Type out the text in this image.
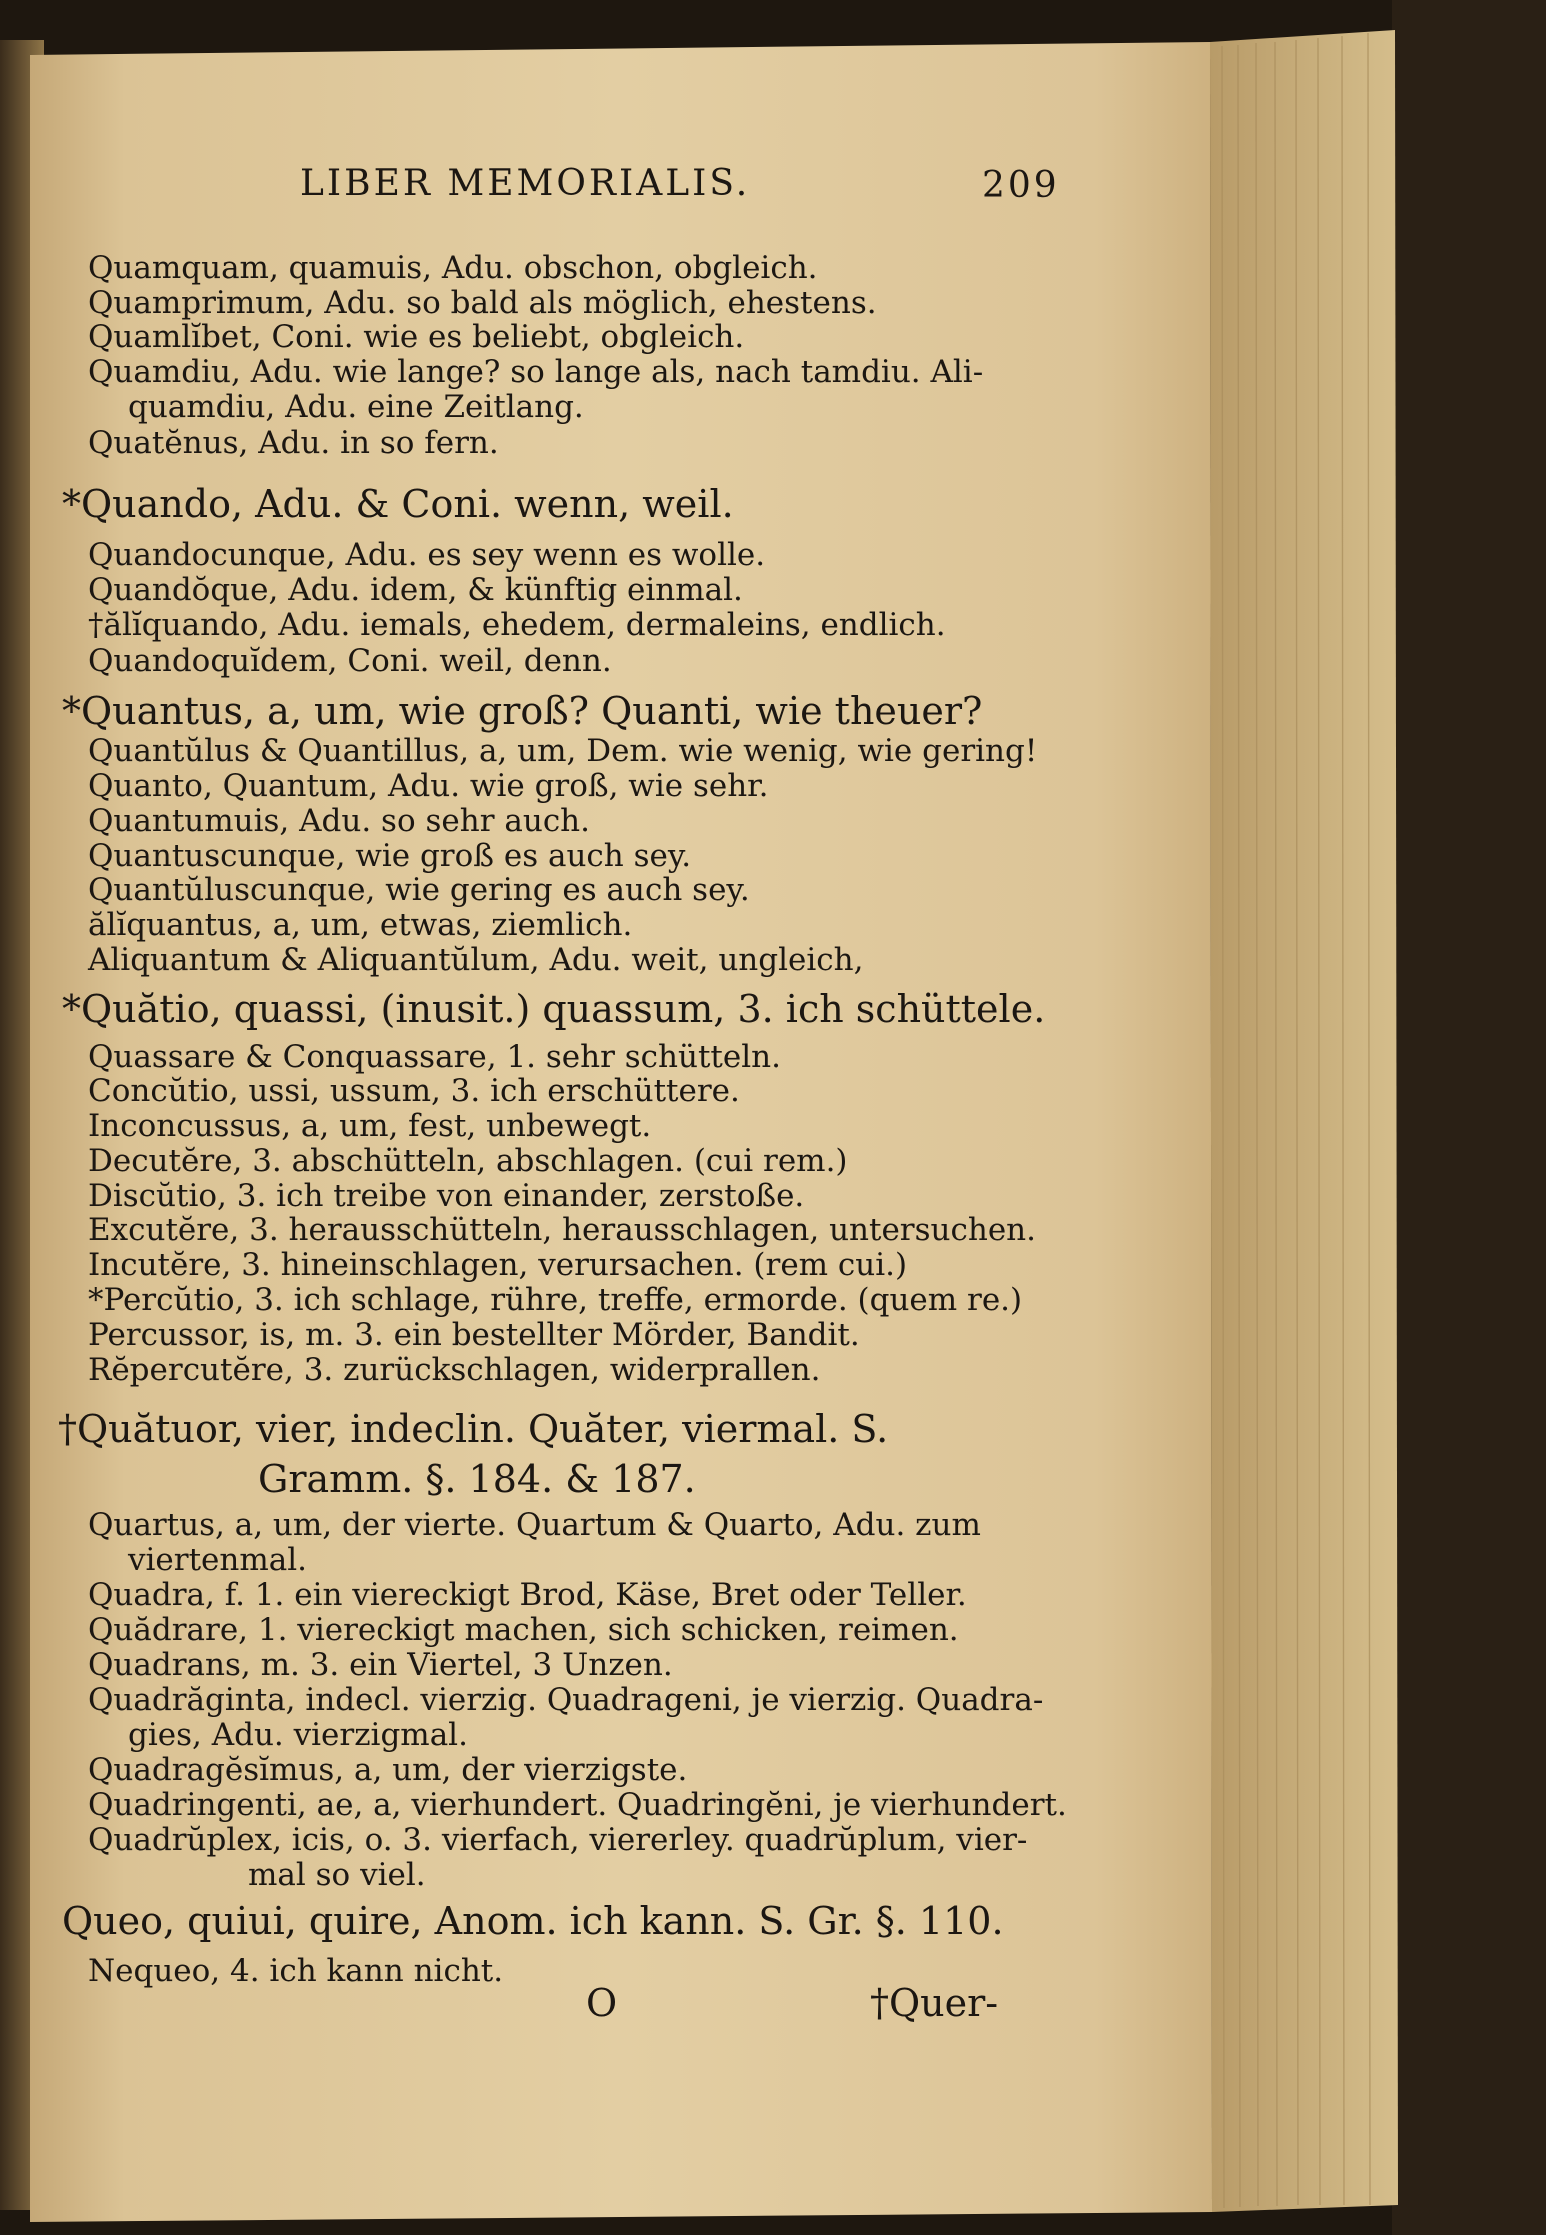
LIBER MEMORIALIS.	209
Quamquam, quamuis, Adu. obschon, obgleich.
Quamprimum, Adu. so bald als möglich, ehestens.
Quamlĭbet, Coni. wie es beliebt, obgleich.
Quamdiu, Adu. wie lange? so lange als, nach tamdiu. Ali-
quamdiu, Adu. eine Zeitlang.
Quatĕnus, Adu. in so fern.
*Quando, Adu. & Coni. wenn, weil.
Quandocunque, Adu. es sey wenn es wolle.
Quandŏque, Adu. idem, & künftig einmal.
†ălĭquando, Adu. iemals, ehedem, dermaleins, endlich.
Quandoquĭdem, Coni. weil, denn.
*Quantus, a, um, wie groß? Quanti, wie theuer?
Quantŭlus & Quantillus, a, um, Dem. wie wenig, wie gering!
Quanto, Quantum, Adu. wie groß, wie sehr.
Quantumuis, Adu. so sehr auch.
Quantuscunque, wie groß es auch sey.
Quantŭluscunque, wie gering es auch sey.
ălĭquantus, a, um, etwas, ziemlich.
Aliquantum & Aliquantŭlum, Adu. weit, ungleich,
*Quătio, quassi, (inusit.) quassum, 3. ich schüttele.
Quassare & Conquassare, 1. sehr schütteln.
Concŭtio, ussi, ussum, 3. ich erschüttere.
Inconcussus, a, um, fest, unbewegt.
Decutĕre, 3. abschütteln, abschlagen. (cui rem.)
Discŭtio, 3. ich treibe von einander, zerstoße.
Excutĕre, 3. herausschütteln, herausschlagen, untersuchen.
Incutĕre, 3. hineinschlagen, verursachen. (rem cui.)
*Percŭtio, 3. ich schlage, rühre, treffe, ermorde. (quem re.)
Percussor, is, m. 3. ein bestellter Mörder, Bandit.
Rĕpercutĕre, 3. zurückschlagen, widerprallen.
†Quătuor, vier, indeclin. Quăter, viermal. S.
Gramm. §. 184. & 187.
Quartus, a, um, der vierte. Quartum & Quarto, Adu. zum
viertenmal.
Quadra, f. 1. ein viereckigt Brod, Käse, Bret oder Teller.
Quădrare, 1. viereckigt machen, sich schicken, reimen.
Quadrans, m. 3. ein Viertel, 3 Unzen.
Quadrăginta, indecl. vierzig. Quadrageni, je vierzig. Quadra-
gies, Adu. vierzigmal.
Quadragĕsĭmus, a, um, der vierzigste.
Quadringenti, ae, a, vierhundert. Quadringĕni, je vierhundert.
Quadrŭplex, icis, o. 3. vierfach, viererley. quadrŭplum, vier-
mal so viel.
Queo, quiui, quire, Anom. ich kann. S. Gr. §. 110.
Nequeo, 4. ich kann nicht.
O	†Quer-
